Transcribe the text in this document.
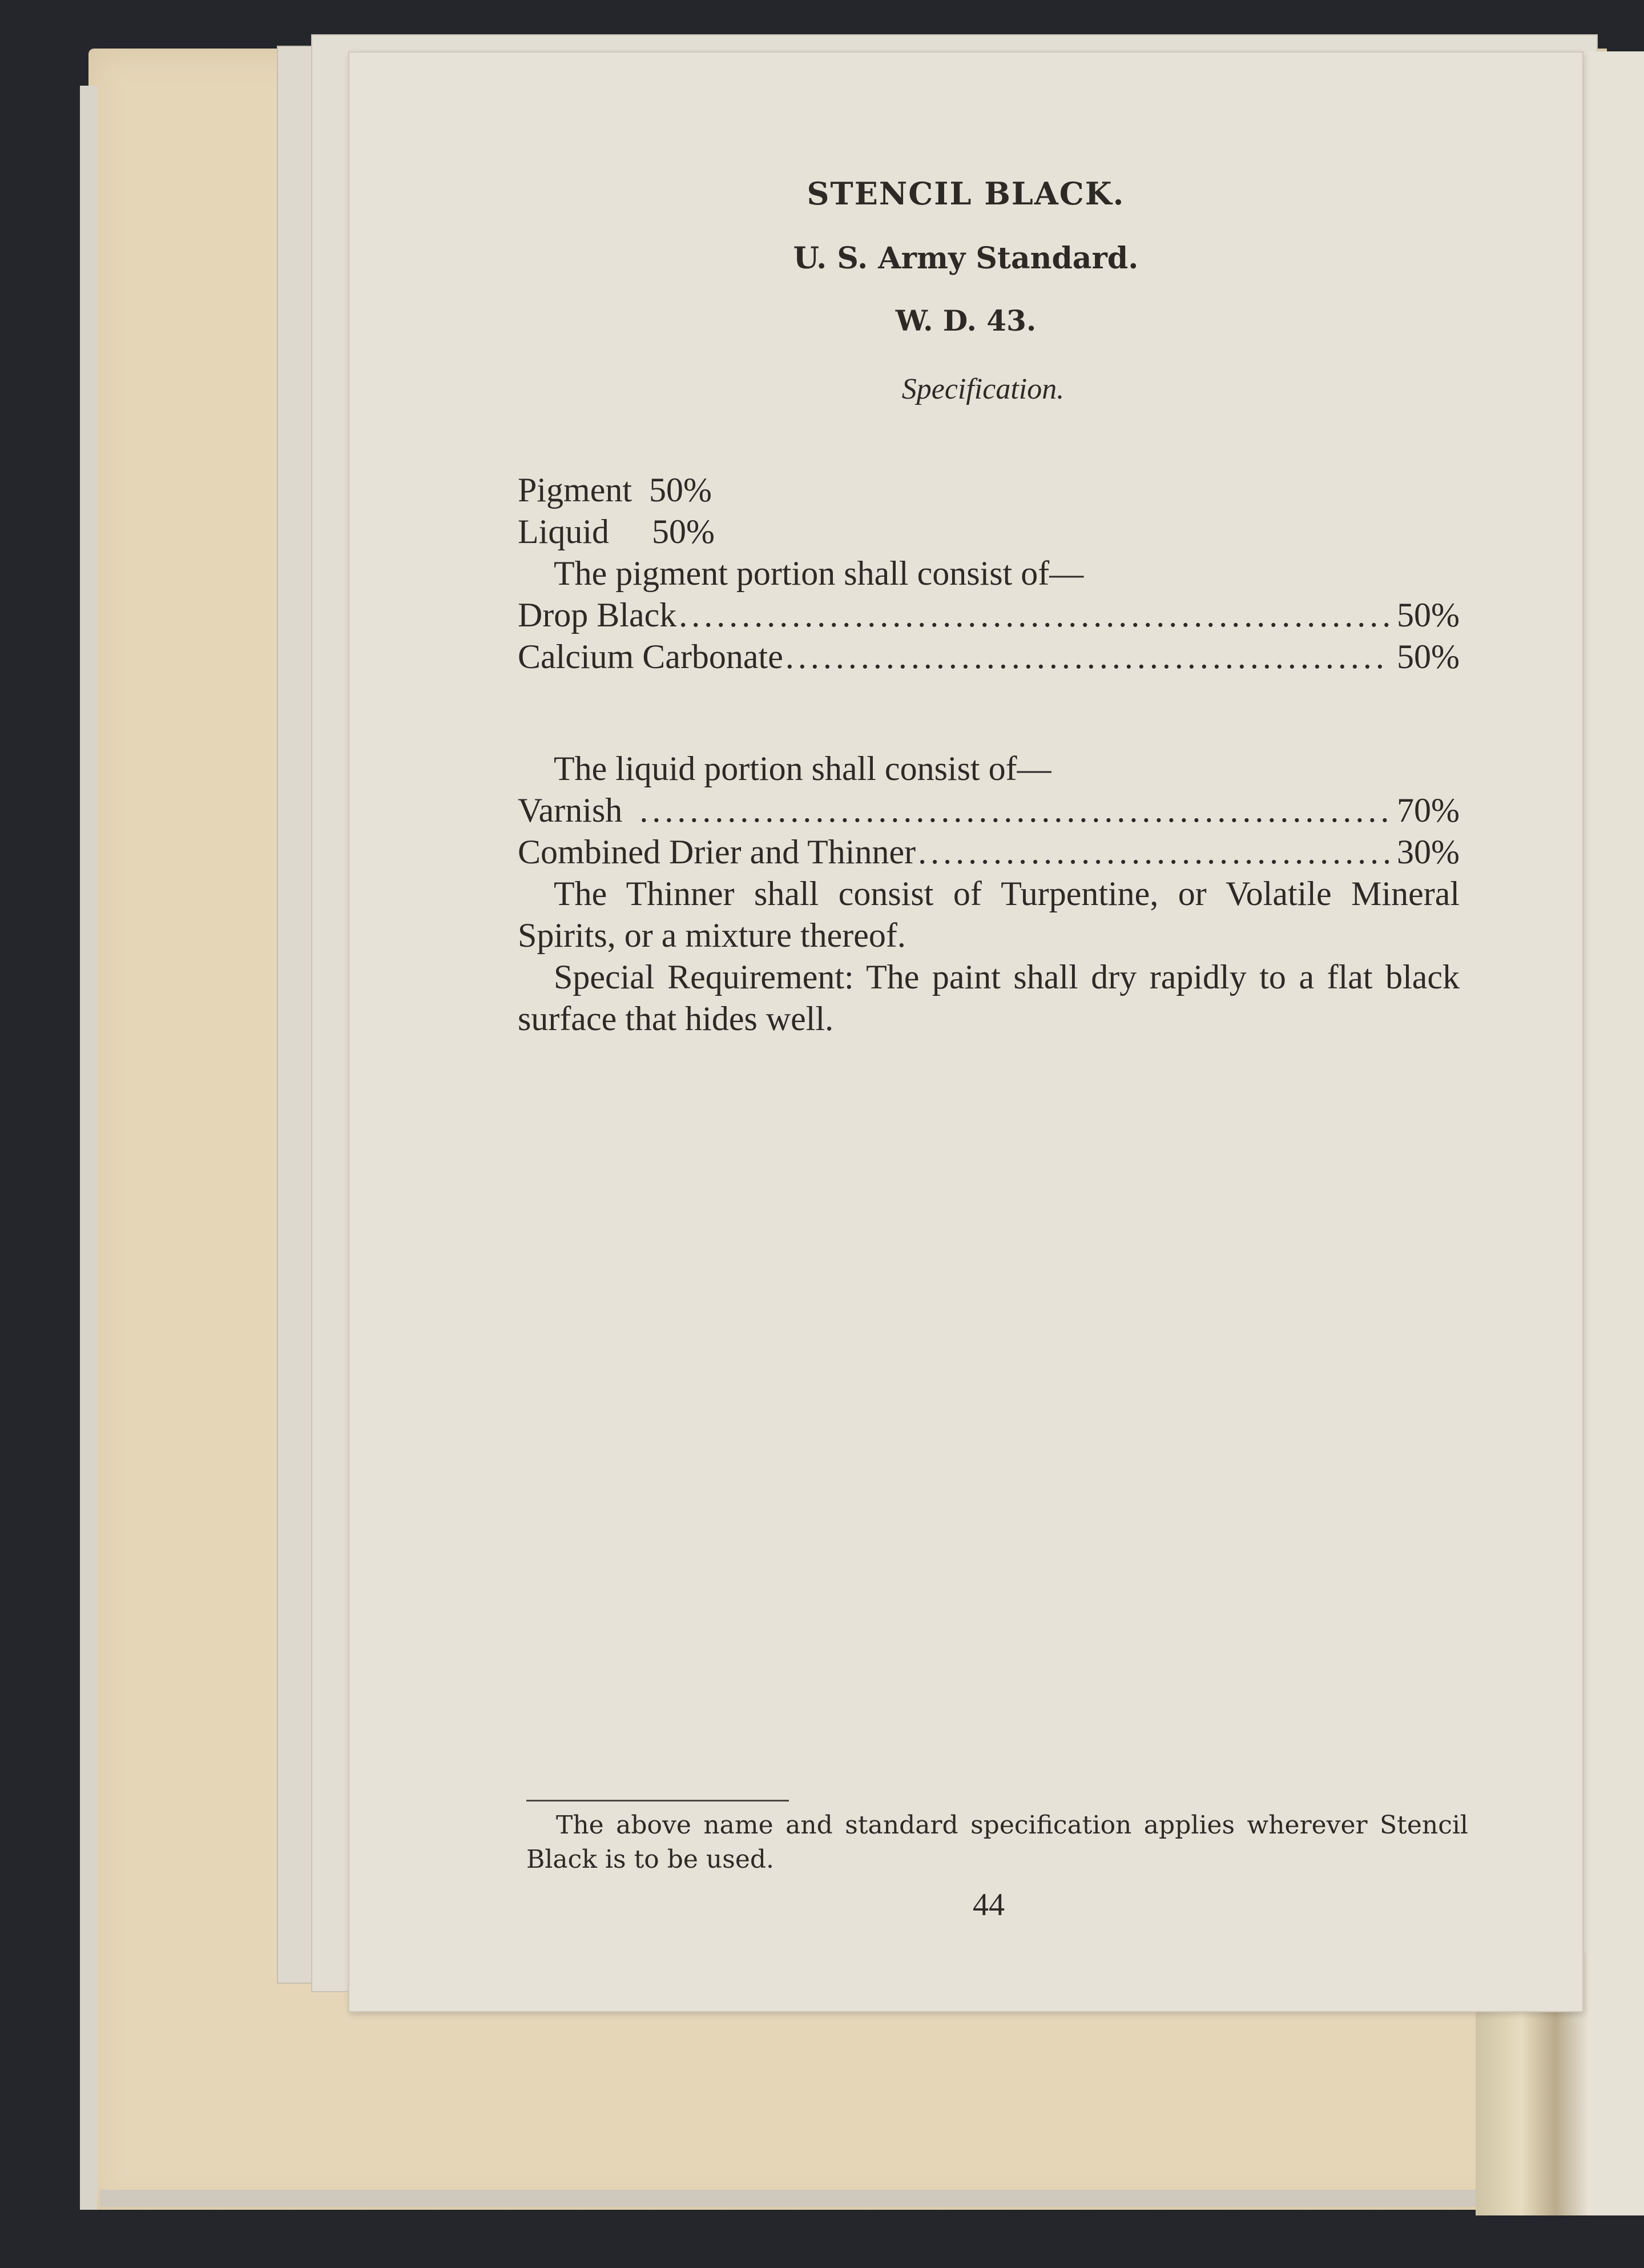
STENCIL BLACK.
U. S. Army Standard.
W. D. 43.

Specification.

Pigment 50%

Liquid 50%

The pigment portion shall consist of—

Drop Black .....	50%
Calcium Carbonate .....	50%

The liquid portion shall consist of—

Varnish .....	70%
Combined Drier and Thinner .....	30%

The Thinner shall consist of Turpentine, or Volatile Mineral Spirits, or a mixture thereof.

Special Requirement: The paint shall dry rapidly to a flat black surface that hides well.

The above name and standard specification applies wherever Stencil Black is to be used.

44
